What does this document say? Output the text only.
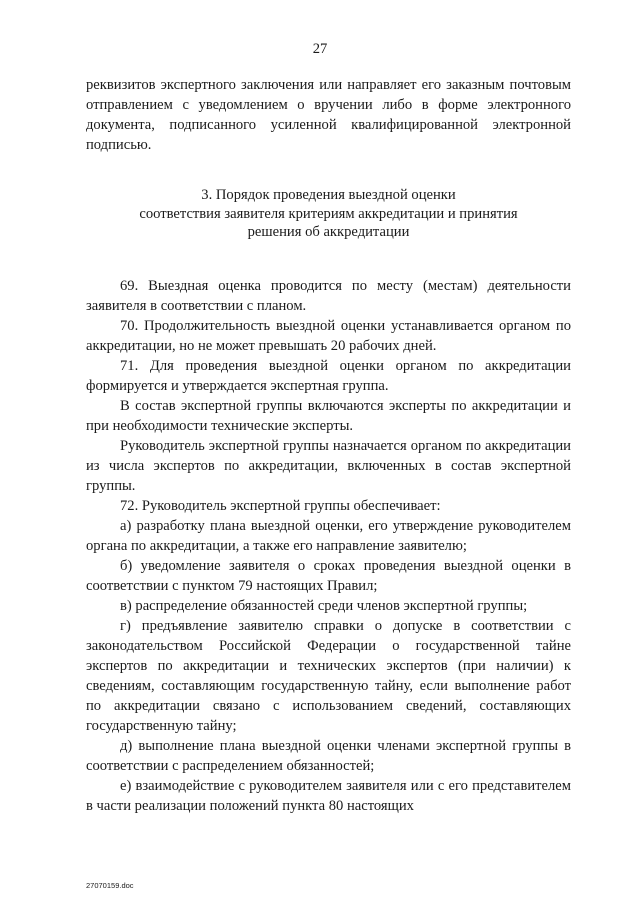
27

реквизитов экспертного заключения или направляет его заказным почтовым отправлением с уведомлением о вручении либо в форме электронного документа, подписанного усиленной квалифицированной электронной подписью.

3. Порядок проведения выездной оценки
соответствия заявителя критериям аккредитации и принятия
решения об аккредитации

69. Выездная оценка проводится по месту (местам) деятельности заявителя в соответствии с планом.

70. Продолжительность выездной оценки устанавливается органом по аккредитации, но не может превышать 20 рабочих дней.

71. Для проведения выездной оценки органом по аккредитации формируется и утверждается экспертная группа.

В состав экспертной группы включаются эксперты по аккредитации и при необходимости технические эксперты.

Руководитель экспертной группы назначается органом по аккредитации из числа экспертов по аккредитации, включенных в состав экспертной группы.

72. Руководитель экспертной группы обеспечивает:

а) разработку плана выездной оценки, его утверждение руководителем органа по аккредитации, а также его направление заявителю;

б) уведомление заявителя о сроках проведения выездной оценки в соответствии с пунктом 79 настоящих Правил;

в) распределение обязанностей среди членов экспертной группы;

г) предъявление заявителю справки о допуске в соответствии с законодательством Российской Федерации о государственной тайне экспертов по аккредитации и технических экспертов (при наличии) к сведениям, составляющим государственную тайну, если выполнение работ по аккредитации связано с использованием сведений, составляющих государственную тайну;

д) выполнение плана выездной оценки членами экспертной группы в соответствии с распределением обязанностей;

е) взаимодействие с руководителем заявителя или с его представителем в части реализации положений пункта 80 настоящих

27070159.doc
